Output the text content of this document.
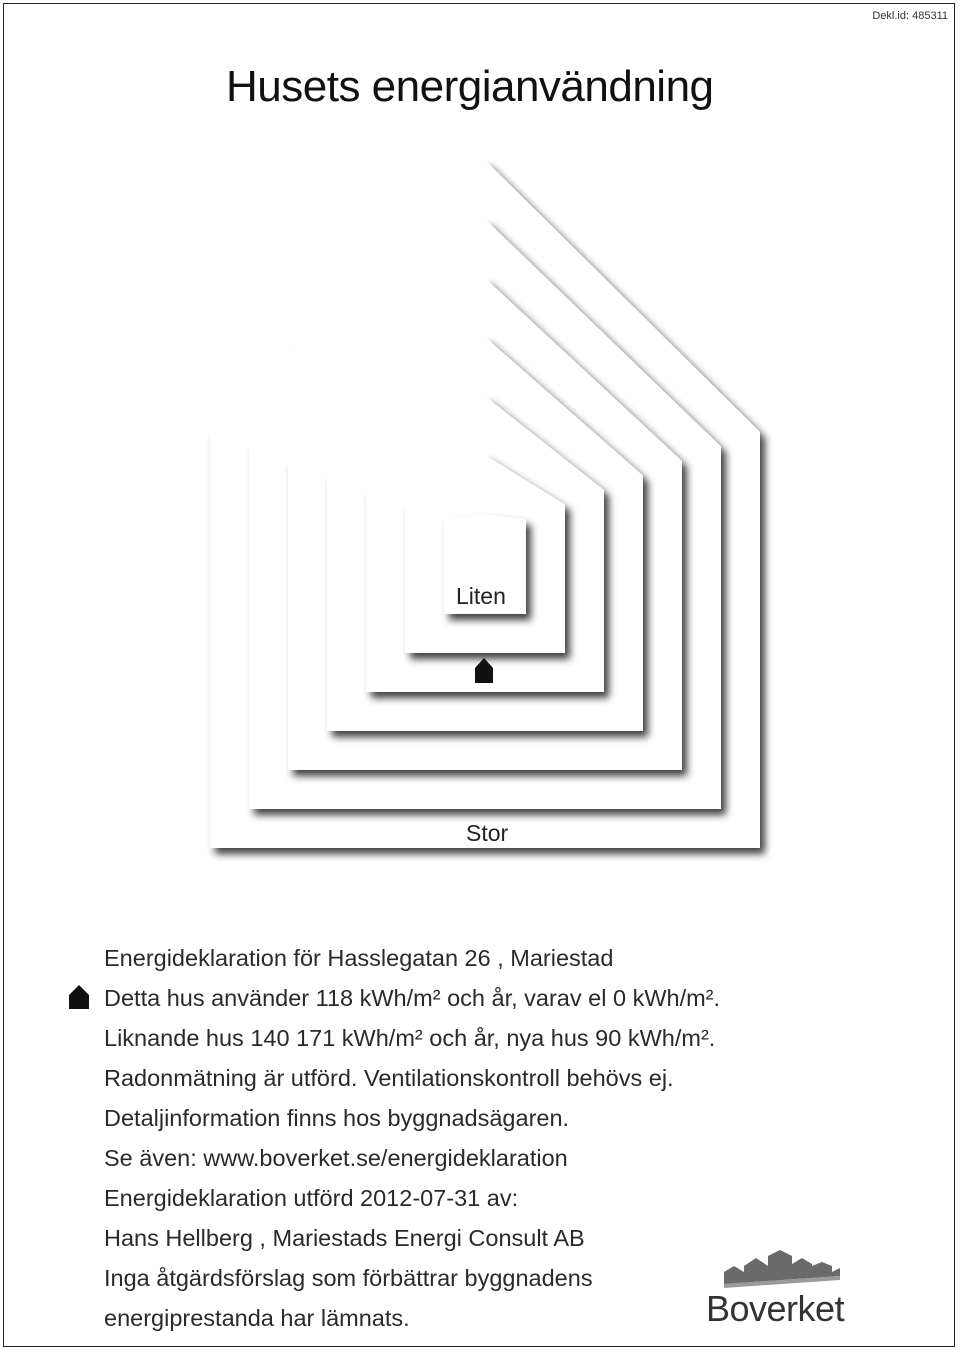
Dekl.id: 485311
Husets energianvändning
Liten
Stor
Energideklaration för Hasslegatan 26 , Mariestad
Detta hus använder 118 kWh/m² och år, varav el 0 kWh/m².
Liknande hus 140 171 kWh/m² och år, nya hus 90 kWh/m².
Radonmätning är utförd. Ventilationskontroll behövs ej.
Detaljinformation finns hos byggnadsägaren.
Se även: www.boverket.se/energideklaration
Energideklaration utförd 2012-07-31 av:
Hans Hellberg , Mariestads Energi Consult AB
Inga åtgärdsförslag som förbättrar byggnadens
energiprestanda har lämnats.	Boverket
